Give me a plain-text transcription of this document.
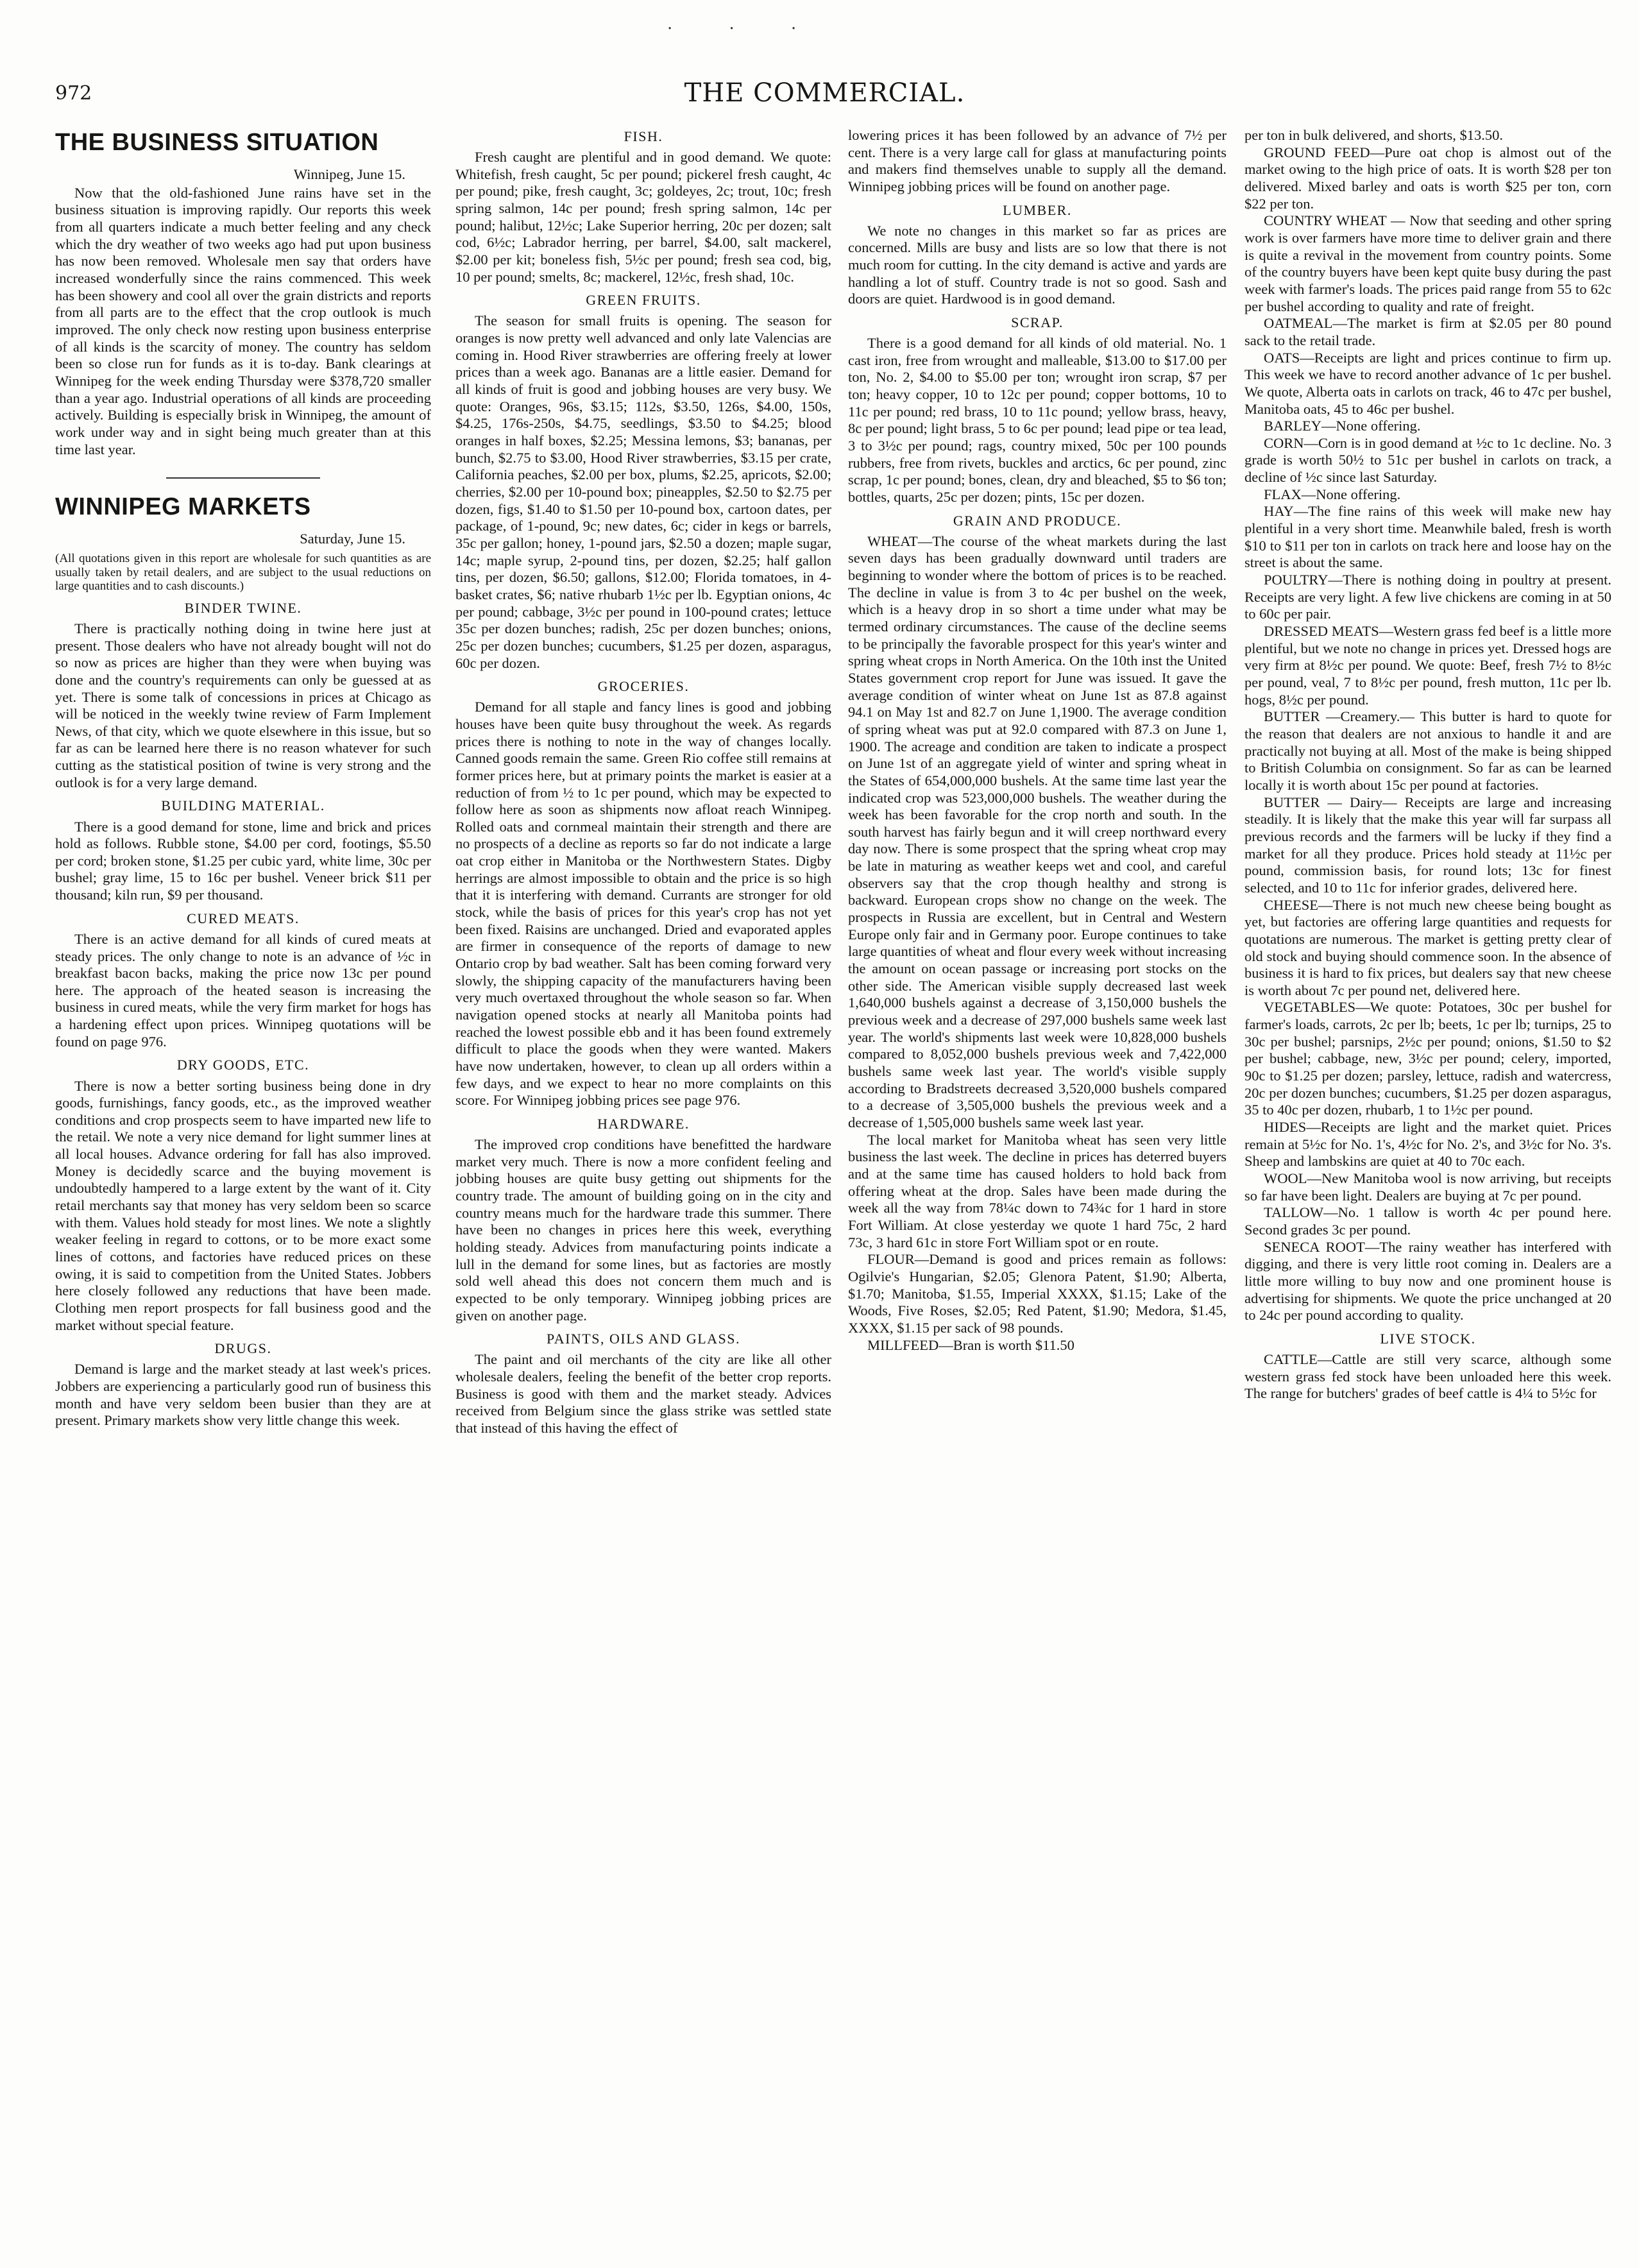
· · ·
972	THE COMMERCIAL.
THE BUSINESS SITUATION

Winnipeg, June 15.

Now that the old-fashioned June rains have set in the business situation is improving rapidly. Our reports this week from all quarters indicate a much better feeling and any check which the dry weather of two weeks ago had put upon business has now been removed. Wholesale men say that orders have increased wonderfully since the rains commenced. This week has been showery and cool all over the grain districts and reports from all parts are to the effect that the crop outlook is much improved. The only check now resting upon business enterprise of all kinds is the scarcity of money. The country has seldom been so close run for funds as it is to-day. Bank clearings at Winnipeg for the week ending Thursday were $378,720 smaller than a year ago. Industrial operations of all kinds are proceeding actively. Building is especially brisk in Winnipeg, the amount of work under way and in sight being much greater than at this time last year.

WINNIPEG MARKETS

Saturday, June 15.

(All quotations given in this report are wholesale for such quantities as are usually taken by retail dealers, and are subject to the usual reductions on large quantities and to cash discounts.)

BINDER TWINE.

There is practically nothing doing in twine here just at present. Those dealers who have not already bought will not do so now as prices are higher than they were when buying was done and the country's requirements can only be guessed at as yet. There is some talk of concessions in prices at Chicago as will be noticed in the weekly twine review of Farm Implement News, of that city, which we quote elsewhere in this issue, but so far as can be learned here there is no reason whatever for such cutting as the statistical position of twine is very strong and the outlook is for a very large demand.

BUILDING MATERIAL.

There is a good demand for stone, lime and brick and prices hold as follows. Rubble stone, $4.00 per cord, footings, $5.50 per cord; broken stone, $1.25 per cubic yard, white lime, 30c per bushel; gray lime, 15 to 16c per bushel. Veneer brick $11 per thousand; kiln run, $9 per thousand.

CURED MEATS.

There is an active demand for all kinds of cured meats at steady prices. The only change to note is an advance of ½c in breakfast bacon backs, making the price now 13c per pound here. The approach of the heated season is increasing the business in cured meats, while the very firm market for hogs has a hardening effect upon prices. Winnipeg quotations will be found on page 976.

DRY GOODS, ETC.

There is now a better sorting business being done in dry goods, furnishings, fancy goods, etc., as the improved weather conditions and crop prospects seem to have imparted new life to the retail. We note a very nice demand for light summer lines at all local houses. Advance ordering for fall has also improved. Money is decidedly scarce and the buying movement is undoubtedly hampered to a large extent by the want of it. City retail merchants say that money has very seldom been so scarce with them. Values hold steady for most lines. We note a slightly weaker feeling in regard to cottons, or to be more exact some lines of cottons, and factories have reduced prices on these owing, it is said to competition from the United States. Jobbers here closely followed any reductions that have been made. Clothing men report prospects for fall business good and the market without special feature.

DRUGS.

Demand is large and the market steady at last week's prices. Jobbers are experiencing a particularly good run of business this month and have very seldom been busier than they are at present. Primary markets show very little change this week.

FISH.

Fresh caught are plentiful and in good demand. We quote: Whitefish, fresh caught, 5c per pound; pickerel fresh caught, 4c per pound; pike, fresh caught, 3c; goldeyes, 2c; trout, 10c; fresh spring salmon, 14c per pound; fresh spring salmon, 14c per pound; halibut, 12½c; Lake Superior herring, 20c per dozen; salt cod, 6½c; Labrador herring, per barrel, $4.00, salt mackerel, $2.00 per kit; boneless fish, 5½c per pound; fresh sea cod, big, 10 per pound; smelts, 8c; mackerel, 12½c, fresh shad, 10c.

GREEN FRUITS.

The season for small fruits is opening. The season for oranges is now pretty well advanced and only late Valencias are coming in. Hood River strawberries are offering freely at lower prices than a week ago. Bananas are a little easier. Demand for all kinds of fruit is good and jobbing houses are very busy. We quote: Oranges, 96s, $3.15; 112s, $3.50, 126s, $4.00, 150s, $4.25, 176s-250s, $4.75, seedlings, $3.50 to $4.25; blood oranges in half boxes, $2.25; Messina lemons, $3; bananas, per bunch, $2.75 to $3.00, Hood River strawberries, $3.15 per crate, California peaches, $2.00 per box, plums, $2.25, apricots, $2.00; cherries, $2.00 per 10-pound box; pineapples, $2.50 to $2.75 per dozen, figs, $1.40 to $1.50 per 10-pound box, cartoon dates, per package, of 1-pound, 9c; new dates, 6c; cider in kegs or barrels, 35c per gallon; honey, 1-pound jars, $2.50 a dozen; maple sugar, 14c; maple syrup, 2-pound tins, per dozen, $2.25; half gallon tins, per dozen, $6.50; gallons, $12.00; Florida tomatoes, in 4-basket crates, $6; native rhubarb 1½c per lb. Egyptian onions, 4c per pound; cabbage, 3½c per pound in 100-pound crates; lettuce 35c per dozen bunches; radish, 25c per dozen bunches; onions, 25c per dozen bunches; cucumbers, $1.25 per dozen, asparagus, 60c per dozen.

GROCERIES.

Demand for all staple and fancy lines is good and jobbing houses have been quite busy throughout the week. As regards prices there is nothing to note in the way of changes locally. Canned goods remain the same. Green Rio coffee still remains at former prices here, but at primary points the market is easier at a reduction of from ½ to 1c per pound, which may be expected to follow here as soon as shipments now afloat reach Winnipeg. Rolled oats and cornmeal maintain their strength and there are no prospects of a decline as reports so far do not indicate a large oat crop either in Manitoba or the Northwestern States. Digby herrings are almost impossible to obtain and the price is so high that it is interfering with demand. Currants are stronger for old stock, while the basis of prices for this year's crop has not yet been fixed. Raisins are unchanged. Dried and evaporated apples are firmer in consequence of the reports of damage to new Ontario crop by bad weather. Salt has been coming forward very slowly, the shipping capacity of the manufacturers having been very much overtaxed throughout the whole season so far. When navigation opened stocks at nearly all Manitoba points had reached the lowest possible ebb and it has been found extremely difficult to place the goods when they were wanted. Makers have now undertaken, however, to clean up all orders within a few days, and we expect to hear no more complaints on this score. For Winnipeg jobbing prices see page 976.

HARDWARE.

The improved crop conditions have benefitted the hardware market very much. There is now a more confident feeling and jobbing houses are quite busy getting out shipments for the country trade. The amount of building going on in the city and country means much for the hardware trade this summer. There have been no changes in prices here this week, everything holding steady. Advices from manufacturing points indicate a lull in the demand for some lines, but as factories are mostly sold well ahead this does not concern them much and is expected to be only temporary. Winnipeg jobbing prices are given on another page.

PAINTS, OILS AND GLASS.

The paint and oil merchants of the city are like all other wholesale dealers, feeling the benefit of the better crop reports. Business is good with them and the market steady. Advices received from Belgium since the glass strike was settled state that instead of this having the effect of

lowering prices it has been followed by an advance of 7½ per cent. There is a very large call for glass at manufacturing points and makers find themselves unable to supply all the demand. Winnipeg jobbing prices will be found on another page.

LUMBER.

We note no changes in this market so far as prices are concerned. Mills are busy and lists are so low that there is not much room for cutting. In the city demand is active and yards are handling a lot of stuff. Country trade is not so good. Sash and doors are quiet. Hardwood is in good demand.

SCRAP.

There is a good demand for all kinds of old material. No. 1 cast iron, free from wrought and malleable, $13.00 to $17.00 per ton, No. 2, $4.00 to $5.00 per ton; wrought iron scrap, $7 per ton; heavy copper, 10 to 12c per pound; copper bottoms, 10 to 11c per pound; red brass, 10 to 11c pound; yellow brass, heavy, 8c per pound; light brass, 5 to 6c per pound; lead pipe or tea lead, 3 to 3½c per pound; rags, country mixed, 50c per 100 pounds rubbers, free from rivets, buckles and arctics, 6c per pound, zinc scrap, 1c per pound; bones, clean, dry and bleached, $5 to $6 ton; bottles, quarts, 25c per dozen; pints, 15c per dozen.

GRAIN AND PRODUCE.

WHEAT—The course of the wheat markets during the last seven days has been gradually downward until traders are beginning to wonder where the bottom of prices is to be reached. The decline in value is from 3 to 4c per bushel on the week, which is a heavy drop in so short a time under what may be termed ordinary circumstances. The cause of the decline seems to be principally the favorable prospect for this year's winter and spring wheat crops in North America. On the 10th inst the United States government crop report for June was issued. It gave the average condition of winter wheat on June 1st as 87.8 against 94.1 on May 1st and 82.7 on June 1,1900. The average condition of spring wheat was put at 92.0 compared with 87.3 on June 1, 1900. The acreage and condition are taken to indicate a prospect on June 1st of an aggregate yield of winter and spring wheat in the States of 654,000,000 bushels. At the same time last year the indicated crop was 523,000,000 bushels. The weather during the week has been favorable for the crop north and south. In the south harvest has fairly begun and it will creep northward every day now. There is some prospect that the spring wheat crop may be late in maturing as weather keeps wet and cool, and careful observers say that the crop though healthy and strong is backward. European crops show no change on the week. The prospects in Russia are excellent, but in Central and Western Europe only fair and in Germany poor. Europe continues to take large quantities of wheat and flour every week without increasing the amount on ocean passage or increasing port stocks on the other side. The American visible supply decreased last week 1,640,000 bushels against a decrease of 3,150,000 bushels the previous week and a decrease of 297,000 bushels same week last year. The world's shipments last week were 10,828,000 bushels compared to 8,052,000 bushels previous week and 7,422,000 bushels same week last year. The world's visible supply according to Bradstreets decreased 3,520,000 bushels compared to a decrease of 3,505,000 bushels the previous week and a decrease of 1,505,000 bushels same week last year.

The local market for Manitoba wheat has seen very little business the last week. The decline in prices has deterred buyers and at the same time has caused holders to hold back from offering wheat at the drop. Sales have been made during the week all the way from 78¼c down to 74¾c for 1 hard in store Fort William. At close yesterday we quote 1 hard 75c, 2 hard 73c, 3 hard 61c in store Fort William spot or en route.

FLOUR—Demand is good and prices remain as follows: Ogilvie's Hungarian, $2.05; Glenora Patent, $1.90; Alberta, $1.70; Manitoba, $1.55, Imperial XXXX, $1.15; Lake of the Woods, Five Roses, $2.05; Red Patent, $1.90; Medora, $1.45, XXXX, $1.15 per sack of 98 pounds.

MILLFEED—Bran is worth $11.50

per ton in bulk delivered, and shorts, $13.50.

GROUND FEED—Pure oat chop is almost out of the market owing to the high price of oats. It is worth $28 per ton delivered. Mixed barley and oats is worth $25 per ton, corn $22 per ton.

COUNTRY WHEAT — Now that seeding and other spring work is over farmers have more time to deliver grain and there is quite a revival in the movement from country points. Some of the country buyers have been kept quite busy during the past week with farmer's loads. The prices paid range from 55 to 62c per bushel according to quality and rate of freight.

OATMEAL—The market is firm at $2.05 per 80 pound sack to the retail trade.

OATS—Receipts are light and prices continue to firm up. This week we have to record another advance of 1c per bushel. We quote, Alberta oats in carlots on track, 46 to 47c per bushel, Manitoba oats, 45 to 46c per bushel.

BARLEY—None offering.

CORN—Corn is in good demand at ½c to 1c decline. No. 3 grade is worth 50½ to 51c per bushel in carlots on track, a decline of ½c since last Saturday.

FLAX—None offering.

HAY—The fine rains of this week will make new hay plentiful in a very short time. Meanwhile baled, fresh is worth $10 to $11 per ton in carlots on track here and loose hay on the street is about the same.

POULTRY—There is nothing doing in poultry at present. Receipts are very light. A few live chickens are coming in at 50 to 60c per pair.

DRESSED MEATS—Western grass fed beef is a little more plentiful, but we note no change in prices yet. Dressed hogs are very firm at 8½c per pound. We quote: Beef, fresh 7½ to 8½c per pound, veal, 7 to 8½c per pound, fresh mutton, 11c per lb. hogs, 8½c per pound.

BUTTER —Creamery.— This butter is hard to quote for the reason that dealers are not anxious to handle it and are practically not buying at all. Most of the make is being shipped to British Columbia on consignment. So far as can be learned locally it is worth about 15c per pound at factories.

BUTTER — Dairy— Receipts are large and increasing steadily. It is likely that the make this year will far surpass all previous records and the farmers will be lucky if they find a market for all they produce. Prices hold steady at 11½c per pound, commission basis, for round lots; 13c for finest selected, and 10 to 11c for inferior grades, delivered here.

CHEESE—There is not much new cheese being bought as yet, but factories are offering large quantities and requests for quotations are numerous. The market is getting pretty clear of old stock and buying should commence soon. In the absence of business it is hard to fix prices, but dealers say that new cheese is worth about 7c per pound net, delivered here.

VEGETABLES—We quote: Potatoes, 30c per bushel for farmer's loads, carrots, 2c per lb; beets, 1c per lb; turnips, 25 to 30c per bushel; parsnips, 2½c per pound; onions, $1.50 to $2 per bushel; cabbage, new, 3½c per pound; celery, imported, 90c to $1.25 per dozen; parsley, lettuce, radish and watercress, 20c per dozen bunches; cucumbers, $1.25 per dozen asparagus, 35 to 40c per dozen, rhubarb, 1 to 1½c per pound.

HIDES—Receipts are light and the market quiet. Prices remain at 5½c for No. 1's, 4½c for No. 2's, and 3½c for No. 3's. Sheep and lambskins are quiet at 40 to 70c each.

WOOL—New Manitoba wool is now arriving, but receipts so far have been light. Dealers are buying at 7c per pound.

TALLOW—No. 1 tallow is worth 4c per pound here. Second grades 3c per pound.

SENECA ROOT—The rainy weather has interfered with digging, and there is very little root coming in. Dealers are a little more willing to buy now and one prominent house is advertising for shipments. We quote the price unchanged at 20 to 24c per pound according to quality.

LIVE STOCK.

CATTLE—Cattle are still very scarce, although some western grass fed stock have been unloaded here this week. The range for butchers' grades of beef cattle is 4¼ to 5½c for
